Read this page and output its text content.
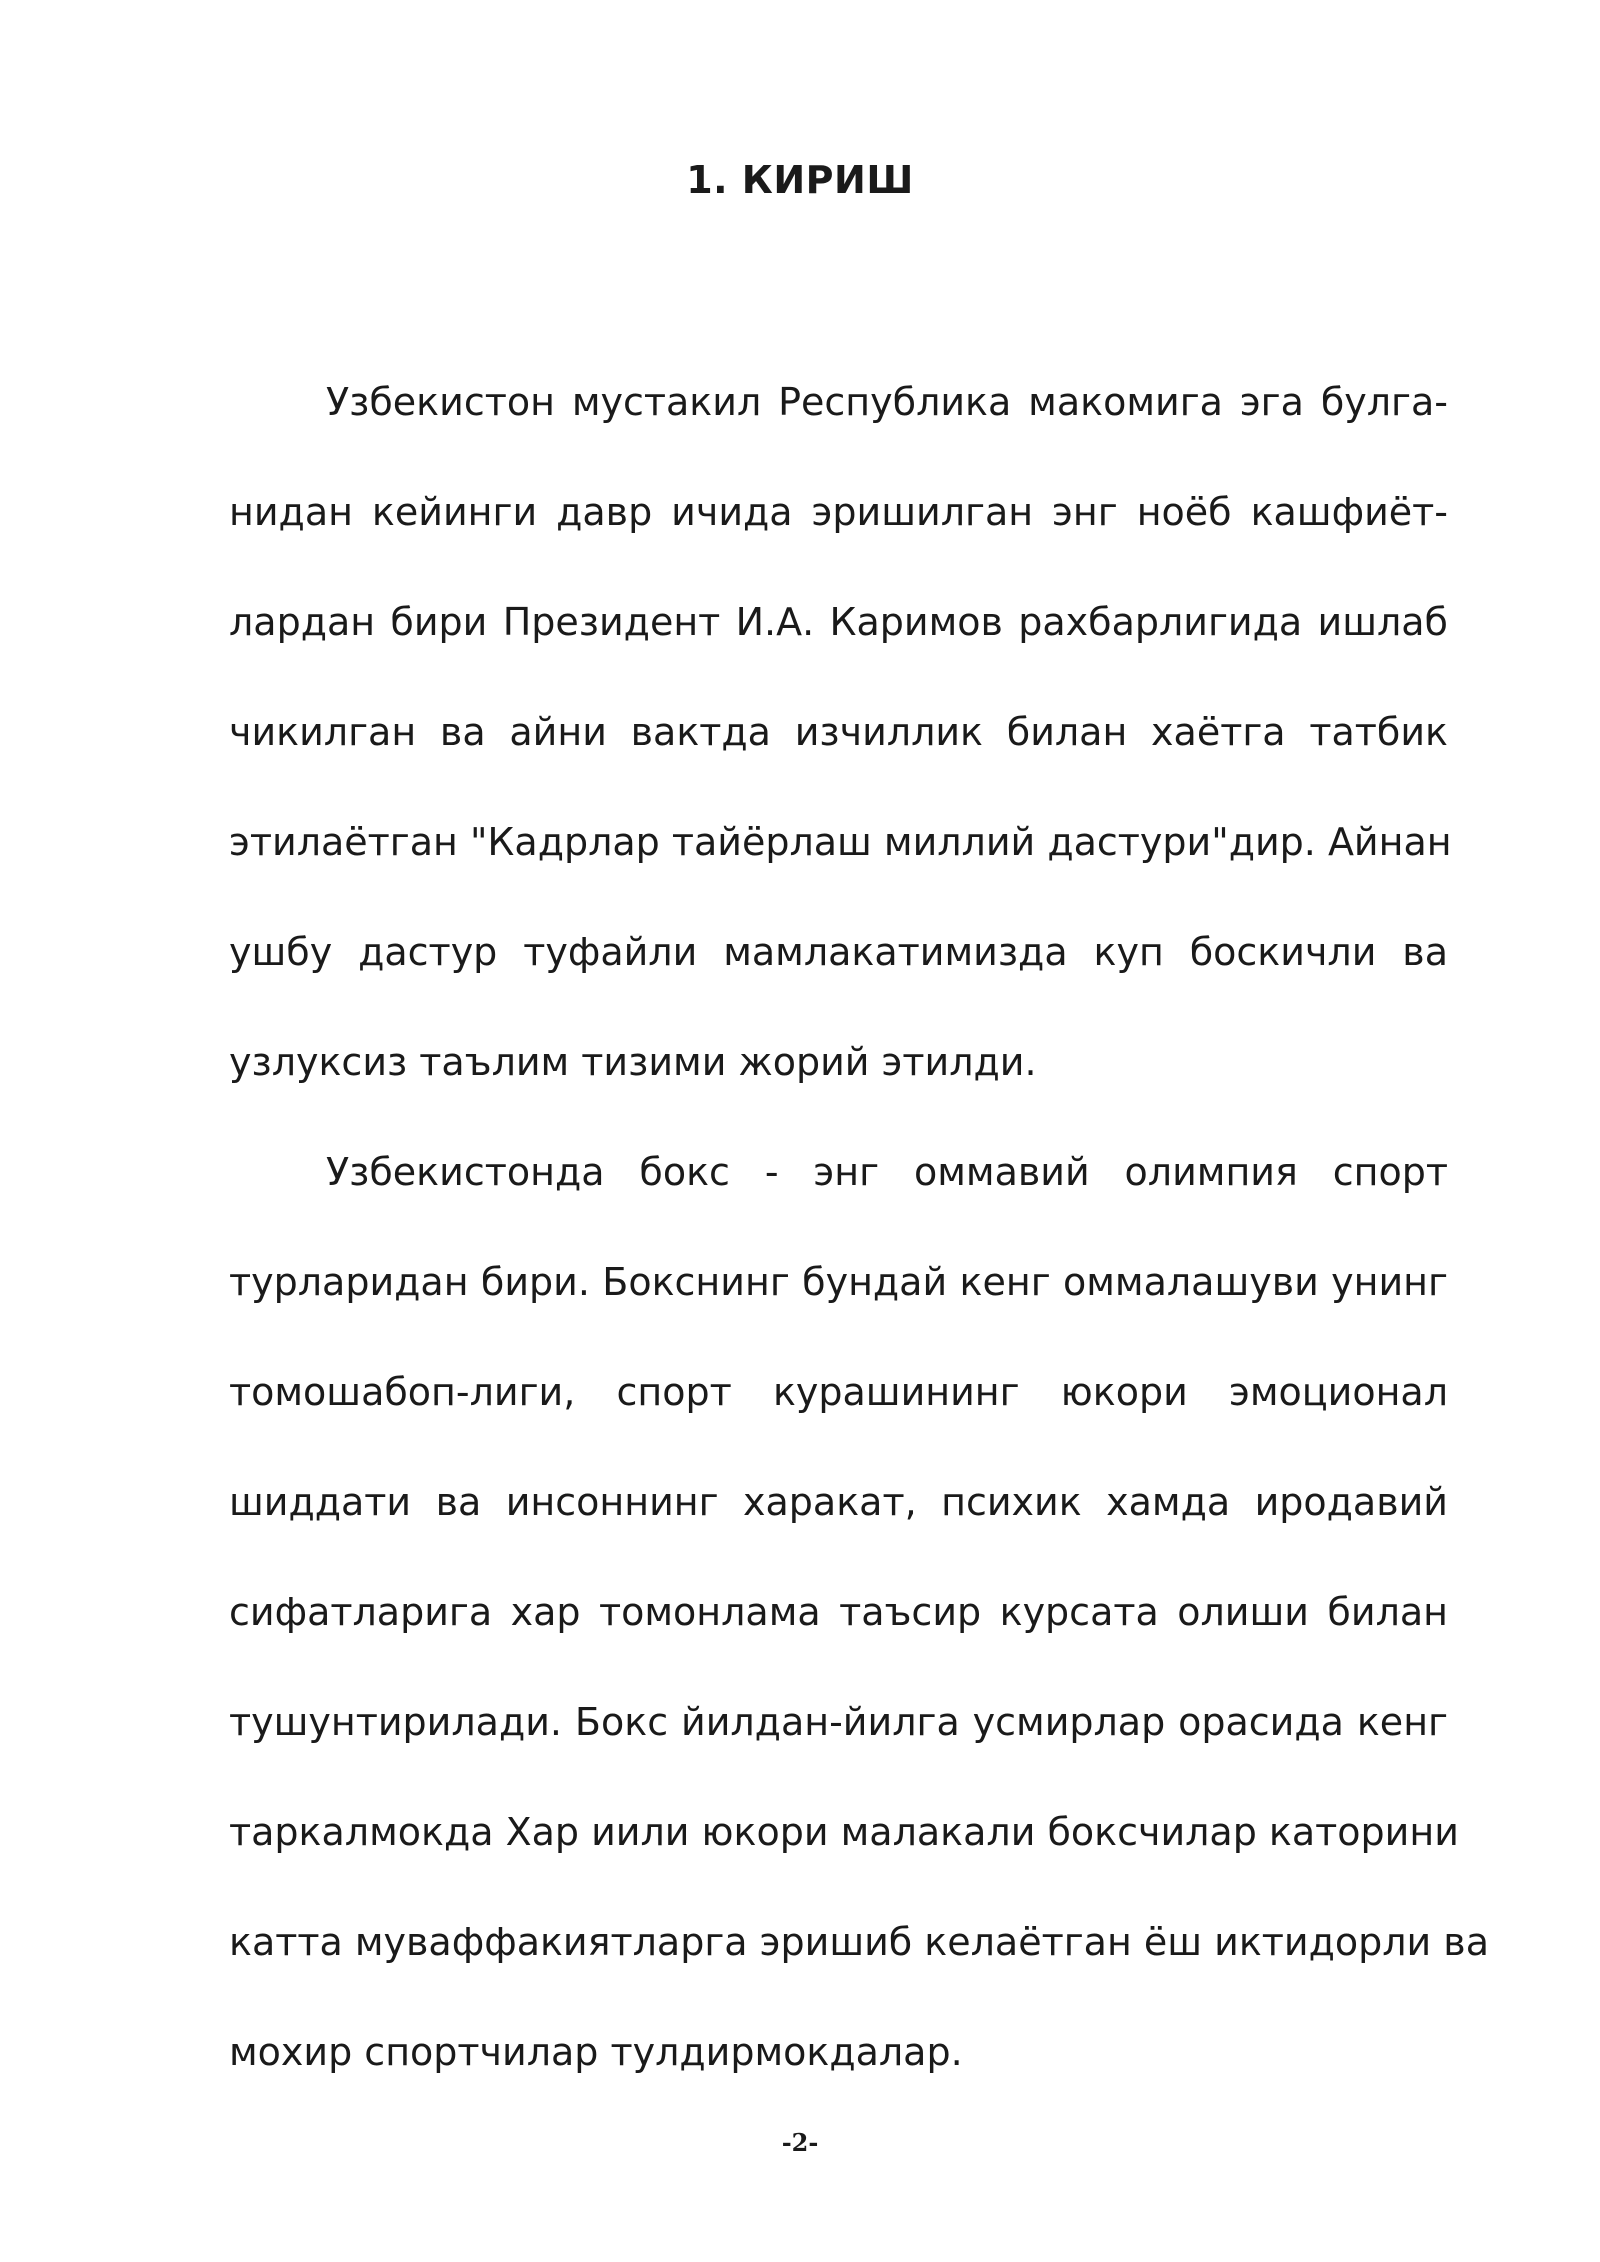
1. КИРИШ
Узбекистон мустакил Республика макомига эга булга-
нидан кейинги давр ичида эришилган энг ноёб кашфиёт-
лардан бири Президент И.А. Каримов рахбарлигида ишлаб
чикилган ва айни вактда изчиллик билан хаётга татбик
этилаётган "Кадрлар тайёрлаш миллий дастури"дир. Айнан
ушбу дастур туфайли мамлакатимизда куп боскичли ва
узлуксиз таълим тизими жорий этилди.
Узбекистонда бокс - энг оммавий олимпия спорт
турларидан бири. Бокснинг бундай кенг оммалашуви унинг
томошабоп-лиги, спорт курашининг юкори эмоционал
шиддати ва инсоннинг харакат, психик хамда иродавий
сифатларига хар томонлама таъсир курсата олиши билан
тушунтирилади. Бокс йилдан-йилга усмирлар орасида кенг
таркалмокда Хар иили юкори малакали боксчилар каторини
катта муваффакиятларга эришиб келаётган ёш иктидорли ва
мохир спортчилар тулдирмокдалар.
-2-
